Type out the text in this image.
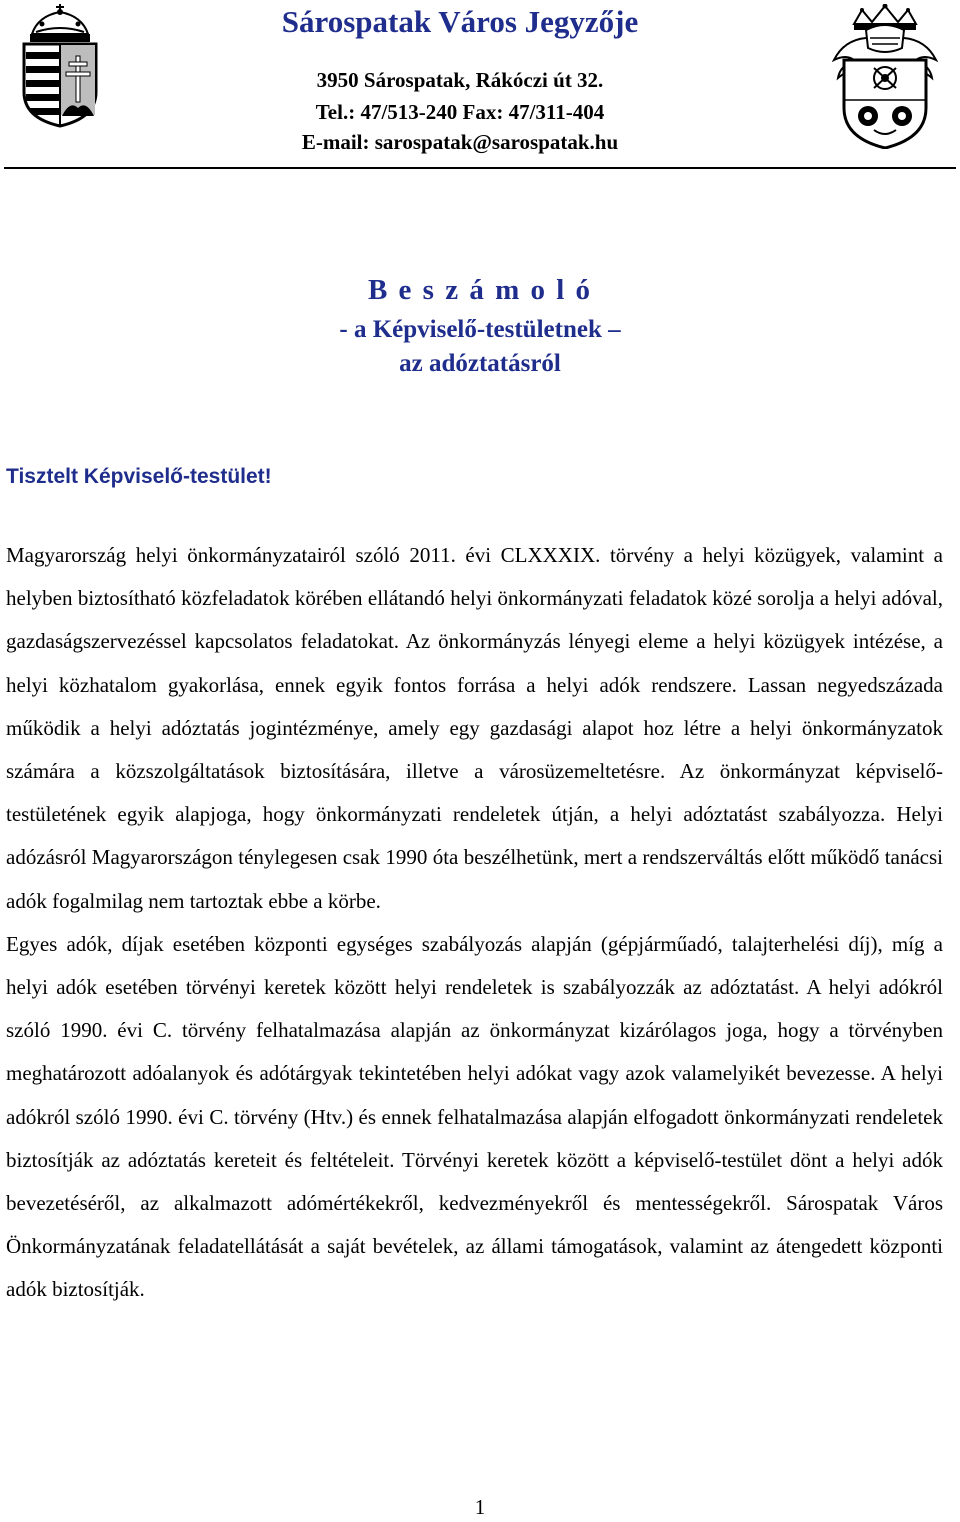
Sárospatak Város Jegyzője
3950 Sárospatak, Rákóczi út 32.
Tel.: 47/513-240 Fax: 47/311-404
E-mail: sarospatak@sarospatak.hu
B e s z á m o l ó
- a Képviselő-testületnek –
az adóztatásról
Tisztelt Képviselő-testület!

Magyarország helyi önkormányzatairól szóló 2011. évi CLXXXIX. törvény a helyi közügyek, valamint a helyben biztosítható közfeladatok körében ellátandó helyi önkormányzati feladatok közé sorolja a helyi adóval, gazdaságszervezéssel kapcsolatos feladatokat. Az önkormányzás lényegi eleme a helyi közügyek intézése, a helyi közhatalom gyakorlása, ennek egyik fontos forrása a helyi adók rendszere. Lassan negyedszázada működik a helyi adóztatás jogintézménye, amely egy gazdasági alapot hoz létre a helyi önkormányzatok számára a közszolgáltatások biztosítására, illetve a városüzemeltetésre. Az önkormányzat képviselő-testületének egyik alapjoga, hogy önkormányzati rendeletek útján, a helyi adóztatást szabályozza. Helyi adózásról Magyarországon ténylegesen csak 1990 óta beszélhetünk, mert a rendszerváltás előtt működő tanácsi adók fogalmilag nem tartoztak ebbe a körbe.

Egyes adók, díjak esetében központi egységes szabályozás alapján (gépjárműadó, talajterhelési díj), míg a helyi adók esetében törvényi keretek között helyi rendeletek is szabályozzák az adóztatást. A helyi adókról szóló 1990. évi C. törvény felhatalmazása alapján az önkormányzat kizárólagos joga, hogy a törvényben meghatározott adóalanyok és adótárgyak tekintetében helyi adókat vagy azok valamelyikét bevezesse. A helyi adókról szóló 1990. évi C. törvény (Htv.) és ennek felhatalmazása alapján elfogadott önkormányzati rendeletek biztosítják az adóztatás kereteit és feltételeit. Törvényi keretek között a képviselő-testület dönt a helyi adók bevezetéséről, az alkalmazott adómértékekről, kedvezményekről és mentességekről. Sárospatak Város Önkormányzatának feladatellátását a saját bevételek, az állami támogatások, valamint az átengedett központi adók biztosítják.

1
